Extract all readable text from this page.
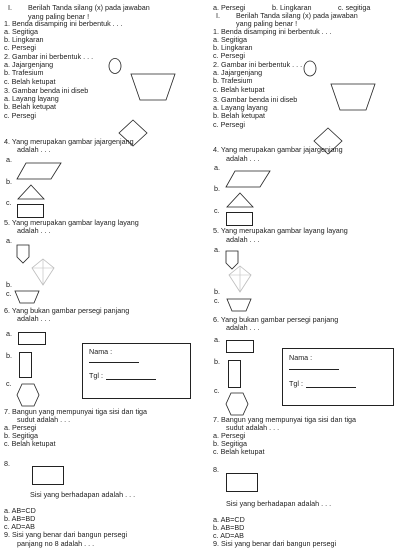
I. Berilah Tanda silang (x) pada jawaban
yang paling benar !
1. Benda disamping ini berbentuk . . .
a. Segitiga
b. Lingkaran
c. Persegi
2. Gambar ini berbentuk . . .
a. Jajargenjang
b. Trafesium
c. Belah ketupat
3. Gambar benda ini diseb
a. Layang layang
b. Belah ketupat
c. Persegi
4. Yang merupakan gambar jajargenjang
adalah . . .
a.
b.
c.
5. Yang merupakan gambar layang layang
adalah . . .
a.
b.
c.
6. Yang bukan gambar persegi panjang
adalah . . .
a.
b.
c.
Nama :
Tgl :
7. Bangun yang mempunyai tiga sisi dan tiga
sudut adalah . . .
a. Persegi
b. Segitiga
c. Belah ketupat
8.
Sisi yang berhadapan adalah . . .
a. AB=CD
b. AB=BD
c. AD=AB
9. Sisi yang benar dari bangun persegi
panjang no 8 adalah . . .
a. Persegi	b. Lingkaran	c. segitiga
I. Berilah Tanda silang (x) pada jawaban
yang paling benar !
1. Benda disamping ini berbentuk . . .
a. Segitiga
b. Lingkaran
c. Persegi
2. Gambar ini berbentuk . . .
a. Jajargenjang
b. Trafesium
c. Belah ketupat
3. Gambar benda ini diseb
a. Layang layang
b. Belah ketupat
c. Persegi
4. Yang merupakan gambar jajargenjang
adalah . . .
a.
b.
c.
5. Yang merupakan gambar layang layang
adalah . . .
a.
b.
c.
6. Yang bukan gambar persegi panjang
adalah . . .
a.
b.
c.
Nama :
Tgl :
7. Bangun yang mempunyai tiga sisi dan tiga
sudut adalah . . .
a. Persegi
b. Segitiga
c. Belah ketupat
8.
Sisi yang berhadapan adalah . . .
a. AB=CD
b. AB=BD
c. AD=AB
9. Sisi yang benar dari bangun persegi
